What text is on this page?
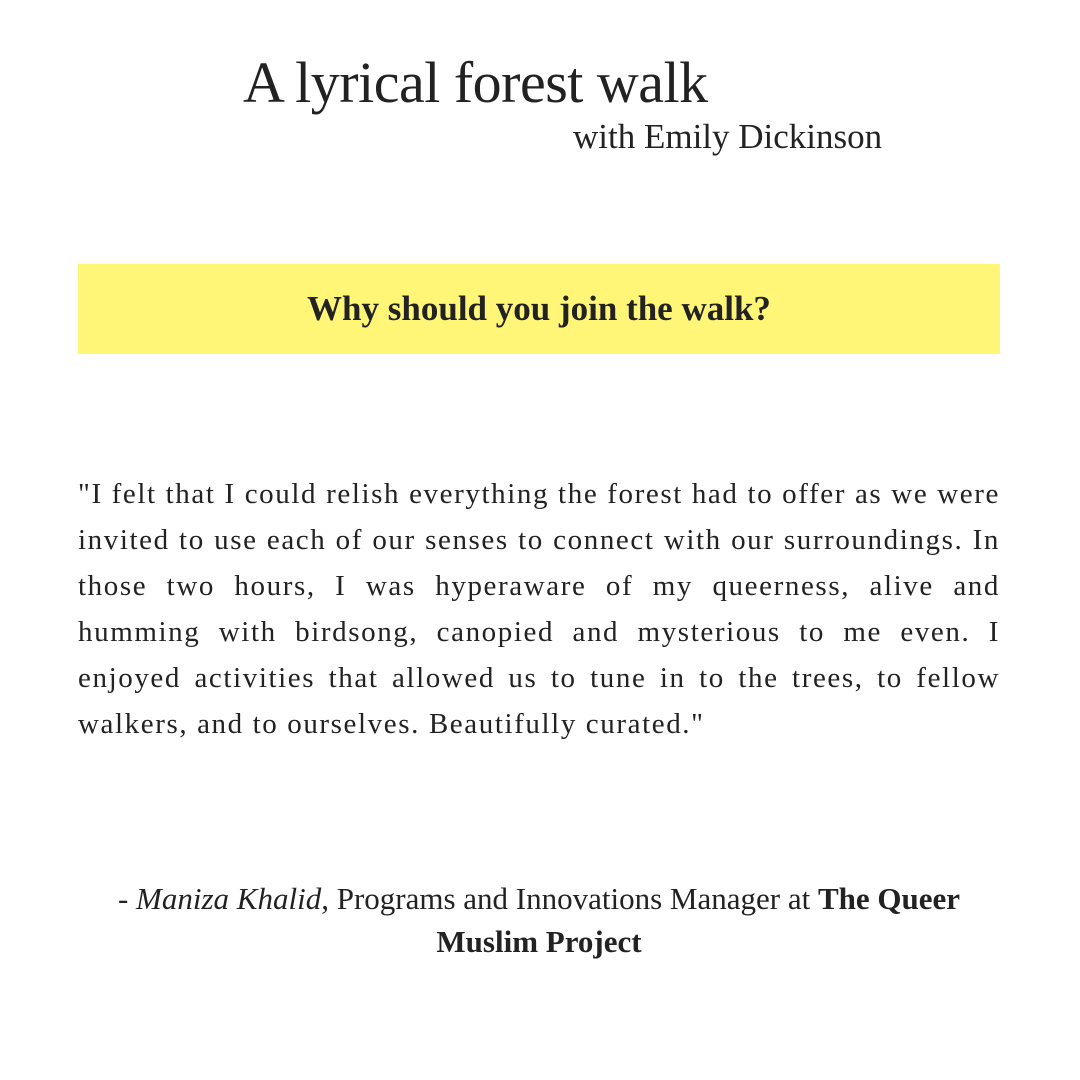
A lyrical forest walk
with Emily Dickinson

Why should you join the walk?

"I felt that I could relish everything the forest had to offer as we were invited to use each of our senses to connect with our surroundings. In those two hours, I was hyperaware of my queerness, alive and humming with birdsong, canopied and mysterious to me even. I enjoyed activities that allowed us to tune in to the trees, to fellow walkers, and to ourselves. Beautifully curated."

- Maniza Khalid, Programs and Innovations Manager at The Queer Muslim Project
